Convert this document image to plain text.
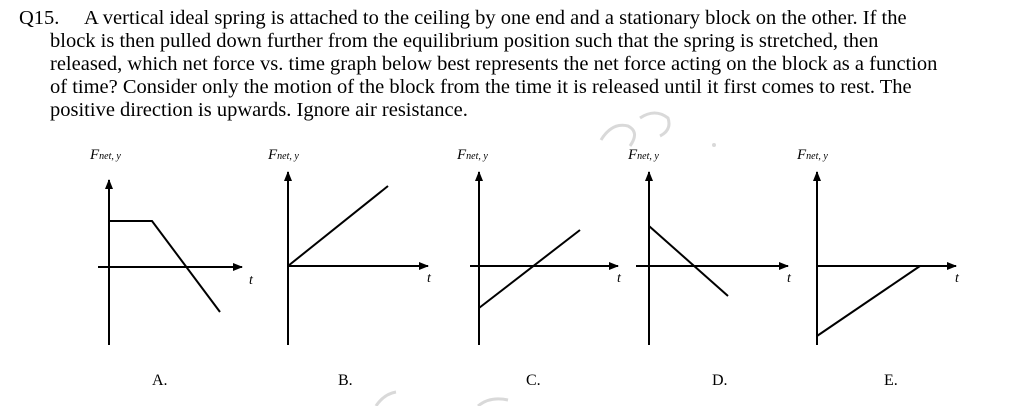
Q15. A vertical ideal spring is attached to the ceiling by one end and a stationary block on the other. If the
block is then pulled down further from the equilibrium position such that the spring is stretched, then
released, which net force vs. time graph below best represents the net force acting on the block as a function
of time? Consider only the motion of the block from the time it is released until it first comes to rest. The
positive direction is upwards. Ignore air resistance.
Fnet, y	Fnet, y	Fnet, y	Fnet, y	Fnet, y
t	t	t	t	t
A.	B.	C.	D.	E.
